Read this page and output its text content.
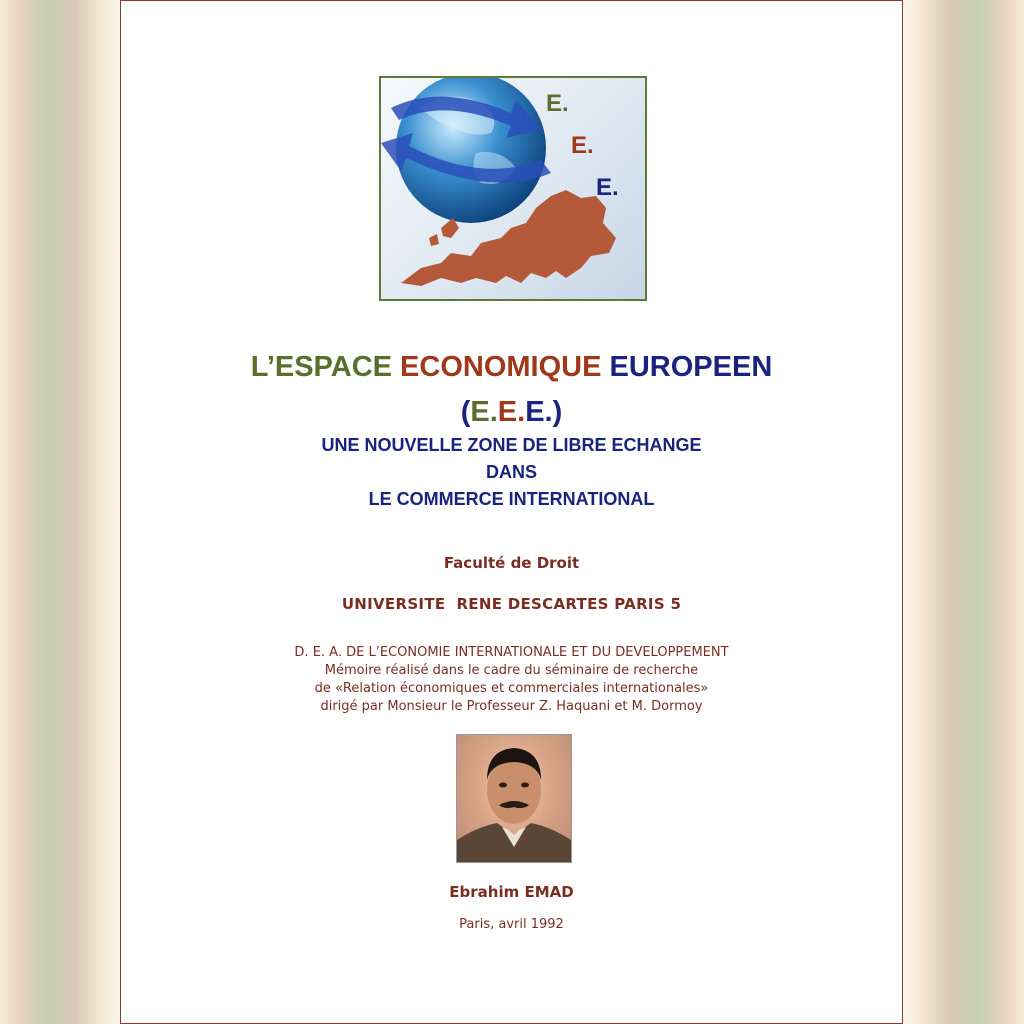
E.
E.
E.
L’ESPACE ECONOMIQUE EUROPEEN
(E.E.E.)
UNE NOUVELLE ZONE DE LIBRE ECHANGE
DANS
LE COMMERCE INTERNATIONAL
Faculté de Droit
UNIVERSITE  RENE DESCARTES PARIS 5
D. E. A. DE L’ECONOMIE INTERNATIONALE ET DU DEVELOPPEMENT
Mémoire réalisé dans le cadre du séminaire de recherche
de «Relation économiques et commerciales internationales»
dirigé par Monsieur le Professeur Z. Haquani et M. Dormoy
Ebrahim EMAD
Paris, avril 1992
